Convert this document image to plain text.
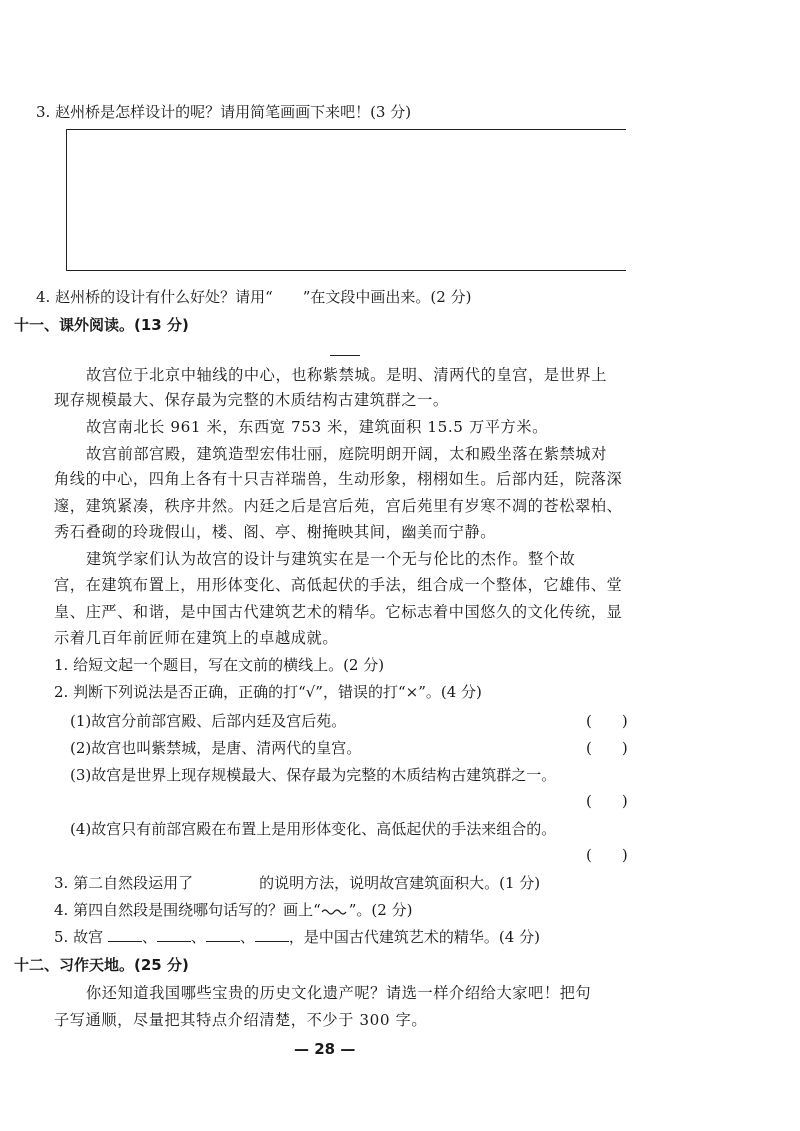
3. 赵州桥是怎样设计的呢？请用简笔画画下来吧！(3 分)
4. 赵州桥的设计有什么好处？请用“　　”在文段中画出来。(2 分)
十一、课外阅读。(13 分)
故宫位于北京中轴线的中心，也称紫禁城。是明、清两代的皇宫，是世界上
现存规模最大、保存最为完整的木质结构古建筑群之一。
故宫南北长 961 米，东西宽 753 米，建筑面积 15.5 万平方米。
故宫前部宫殿，建筑造型宏伟壮丽，庭院明朗开阔，太和殿坐落在紫禁城对
角线的中心，四角上各有十只吉祥瑞兽，生动形象，栩栩如生。后部内廷，院落深
邃，建筑紧凑，秩序井然。内廷之后是宫后苑，宫后苑里有岁寒不凋的苍松翠柏、
秀石叠砌的玲珑假山，楼、阁、亭、榭掩映其间，幽美而宁静。
建筑学家们认为故宫的设计与建筑实在是一个无与伦比的杰作。整个故
宫，在建筑布置上，用形体变化、高低起伏的手法，组合成一个整体，它雄伟、堂
皇、庄严、和谐，是中国古代建筑艺术的精华。它标志着中国悠久的文化传统，显
示着几百年前匠师在建筑上的卓越成就。
1. 给短文起一个题目，写在文前的横线上。(2 分)
2. 判断下列说法是否正确，正确的打“√”，错误的打“×”。(4 分)
(1)故宫分前部宫殿、后部内廷及宫后苑。	(　　)
(2)故宫也叫紫禁城，是唐、清两代的皇宫。	(　　)
(3)故宫是世界上现存规模最大、保存最为完整的木质结构古建筑群之一。
(　　)
(4)故宫只有前部宫殿在布置上是用形体变化、高低起伏的手法来组合的。
(　　)
3. 第二自然段运用了	的说明方法，说明故宫建筑面积大。(1 分)
4. 第四自然段是围绕哪句话写的？画上“ ”。(2 分)
5. 故宫	、 、 、 ，是中国古代建筑艺术的精华。(4 分)
十二、习作天地。(25 分)
你还知道我国哪些宝贵的历史文化遗产呢？请选一样介绍给大家吧！把句
子写通顺，尽量把其特点介绍清楚，不少于 300 字。
— 28 —
